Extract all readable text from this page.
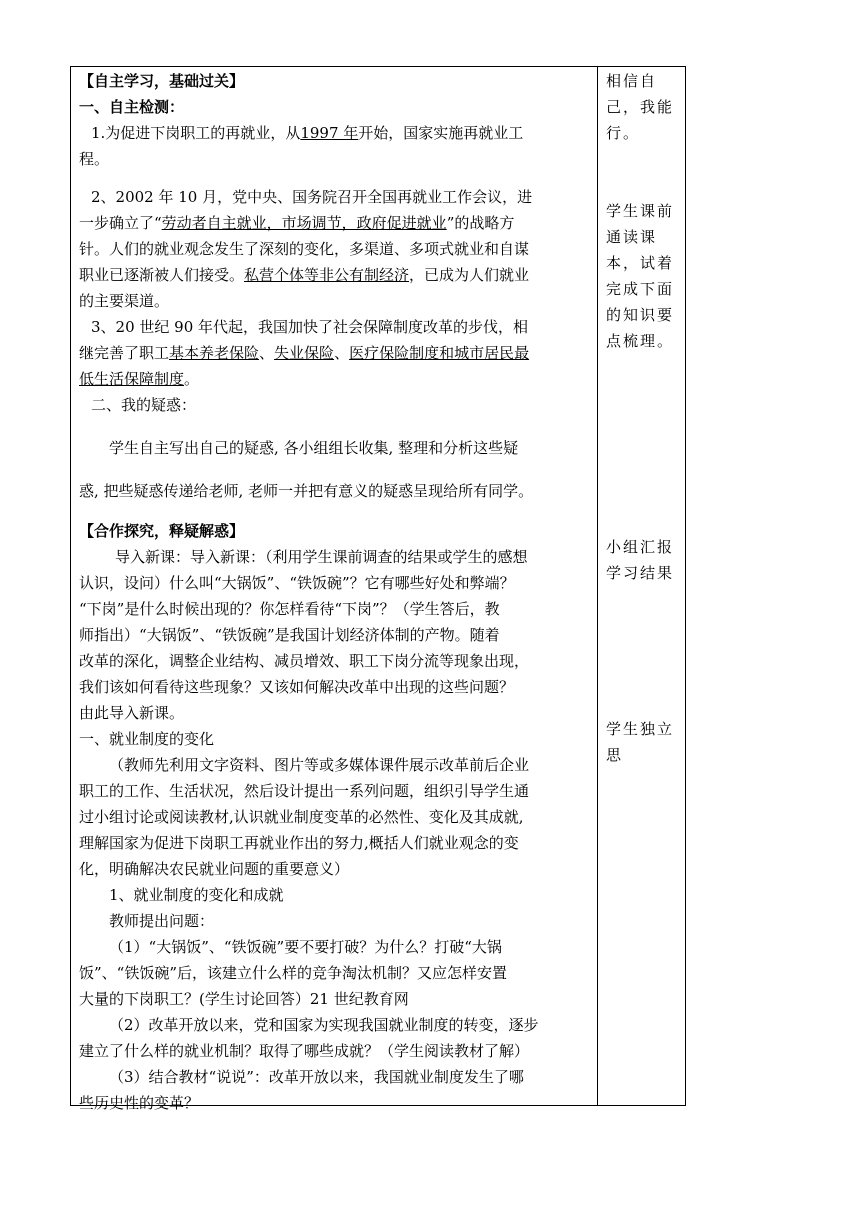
【自主学习，基础过关】
一、自主检测：
1.为促进下岗职工的再就业，从1997 年开始，国家实施再就业工
程。
2、2002 年 10 月，党中央、国务院召开全国再就业工作会议，进
一步确立了“劳动者自主就业，市场调节，政府促进就业”的战略方
针。人们的就业观念发生了深刻的变化，多渠道、多项式就业和自谋
职业已逐渐被人们接受。私营个体等非公有制经济，已成为人们就业
的主要渠道。
3、20 世纪 90 年代起，我国加快了社会保障制度改革的步伐，相
继完善了职工基本养老保险、失业保险、医疗保险制度和城市居民最
低生活保障制度。
二、我的疑惑：
学生自主写出自己的疑惑, 各小组组长收集, 整理和分析这些疑
惑, 把些疑惑传递给老师, 老师一并把有意义的疑惑呈现给所有同学。
【合作探究，释疑解惑】
导入新课：导入新课：（利用学生课前调查的结果或学生的感想
认识，设问）什么叫“大锅饭”、“铁饭碗”？它有哪些好处和弊端？
“下岗”是什么时候出现的？你怎样看待“下岗”？（学生答后，教
师指出）“大锅饭”、“铁饭碗”是我国计划经济体制的产物。随着
改革的深化，调整企业结构、减员增效、职工下岗分流等现象出现，
我们该如何看待这些现象？又该如何解决改革中出现的这些问题？
由此导入新课。
一、就业制度的变化
（教师先利用文字资料、图片等或多媒体课件展示改革前后企业
职工的工作、生活状况，然后设计提出一系列问题，组织引导学生通
过小组讨论或阅读教材,认识就业制度变革的必然性、变化及其成就,
理解国家为促进下岗职工再就业作出的努力,概括人们就业观念的变
化，明确解决农民就业问题的重要意义）
1、就业制度的变化和成就
教师提出问题：
（1）“大锅饭”、“铁饭碗”要不要打破？为什么？打破“大锅
饭”、“铁饭碗”后，该建立什么样的竞争淘汰机制？又应怎样安置
大量的下岗职工？(学生讨论回答）21 世纪教育网
（2）改革开放以来，党和国家为实现我国就业制度的转变，逐步
建立了什么样的就业机制？取得了哪些成就？（学生阅读教材了解）
（3）结合教材“说说”：改革开放以来，我国就业制度发生了哪
些历史性的变革？
相信自
己，我能
行。
学生课前
通读课
本，试着
完成下面
的知识要
点梳理。
小组汇报
学习结果
学生独立
思
